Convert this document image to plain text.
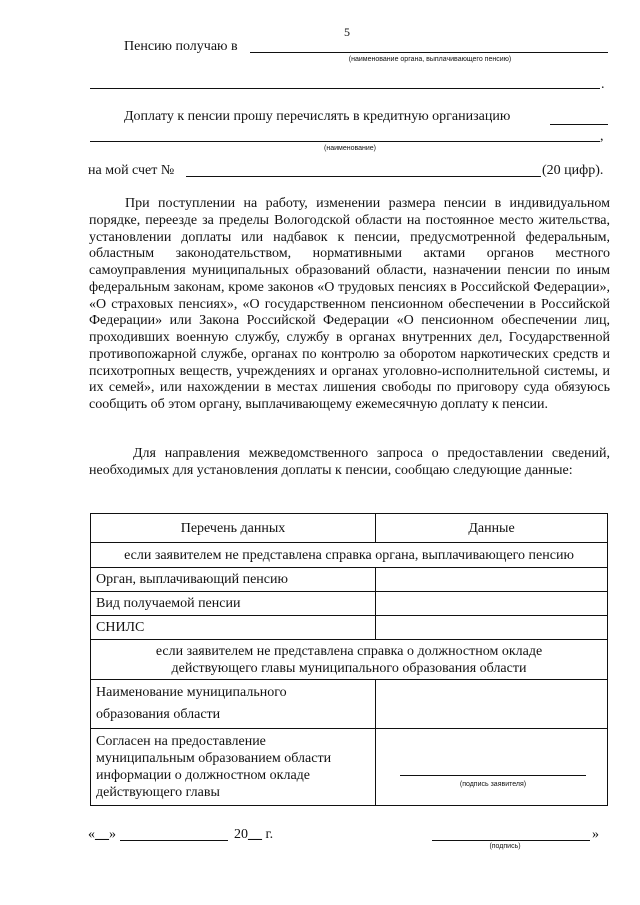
5
Пенсию получаю в
(наименование органа, выплачивающего пенсию)
.
Доплату к пенсии прошу перечислять в кредитную организацию
,
(наименование)
на мой счет №	(20 цифр).
При поступлении на работу, изменении размера пенсии в индивидуальном порядке, переезде за пределы Вологодской области на постоянное место жительства, установлении доплаты или надбавок к пенсии, предусмотренной федеральным, областным законодательством, нормативными актами органов местного самоуправления муниципальных образований области, назначении пенсии по иным федеральным законам, кроме законов «О трудовых пенсиях в Российской Федерации», «О страховых пенсиях», «О государственном пенсионном обеспечении в Российской Федерации» или Закона Российской Федерации «О пенсионном обеспечении лиц, проходивших военную службу, службу в органах внутренних дел, Государственной противопожарной службе, органах по контролю за оборотом наркотических средств и психотропных веществ, учреждениях и органах уголовно-исполнительной системы, и их семей», или нахождении в местах лишения свободы по приговору суда обязуюсь сообщить об этом органу, выплачивающему ежемесячную доплату к пенсии.
Для направления межведомственного запроса о предоставлении сведений, необходимых для установления доплаты к пенсии, сообщаю следующие данные:
Перечень данных	Данные
если заявителем не представлена справка органа, выплачивающего пенсию	
Орган, выплачивающий пенсию	
Вид получаемой пенсии	
СНИЛС	

если заявителем не представлена справка о должностном окладе
действующего главы муниципального образования области	

Наименование муниципального
образования области	

Согласен на предоставление
муниципальным образованием области
информации о должностном окладе
действующего главы	(подпись заявителя)
«__»	20__ г.	»
(подпись)
